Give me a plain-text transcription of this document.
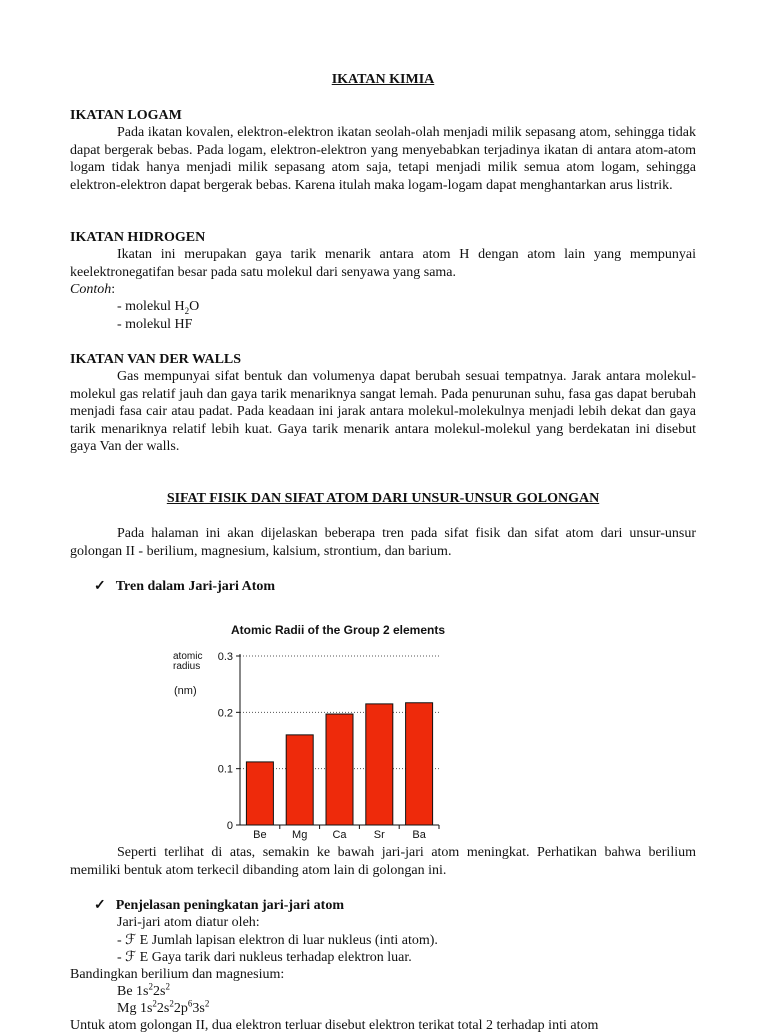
IKATAN KIMIA
IKATAN LOGAM
Pada ikatan kovalen, elektron-elektron ikatan seolah-olah menjadi milik sepasang atom, sehingga tidak dapat bergerak bebas. Pada logam, elektron-elektron yang menyebabkan terjadinya ikatan di antara atom-atom logam tidak hanya menjadi milik sepasang atom saja, tetapi menjadi milik semua atom logam, sehingga elektron-elektron dapat bergerak bebas. Karena itulah maka logam-logam dapat menghantarkan arus listrik.
IKATAN HIDROGEN
Ikatan ini merupakan gaya tarik menarik antara atom H dengan atom lain yang mempunyai keelektronegatifan besar pada satu molekul dari senyawa yang sama.
Contoh:
- molekul $H_2O$
- molekul HF
IKATAN VAN DER WALLS
Gas mempunyai sifat bentuk dan volumenya dapat berubah sesuai tempatnya. Jarak antara molekul-molekul gas relatif jauh dan gaya tarik menariknya sangat lemah. Pada penurunan suhu, fasa gas dapat berubah menjadi fasa cair atau padat. Pada keadaan ini jarak antara molekul-molekulnya menjadi lebih dekat dan gaya tarik menariknya relatif lebih kuat. Gaya tarik menarik antara molekul-molekul yang berdekatan ini disebut gaya Van der walls.
SIFAT FISIK DAN SIFAT ATOM DARI UNSUR-UNSUR GOLONGAN
Pada halaman ini akan dijelaskan beberapa tren pada sifat fisik dan sifat atom dari unsur-unsur golongan II - berilium, magnesium, kalsium, strontium, dan barium.
✓ Tren dalam Jari-jari Atom
Atomic Radii of the Group 2 elements
atomic
radius
(nm)
0
0.1
0.2
0.3
Be Mg Ca Sr	Ba
Seperti terlihat di atas, semakin ke bawah jari-jari atom meningkat. Perhatikan bahwa berilium memiliki bentuk atom terkecil dibanding atom lain di golongan ini.
✓ Penjelasan peningkatan jari-jari atom
Jari-jari atom diatur oleh:
- ℱ E Jumlah lapisan elektron di luar nukleus (inti atom).
- ℱ E Gaya tarik dari nukleus terhadap elektron luar.
Bandingkan berilium dan magnesium:
Be $1s^22s^2$
Mg $1s^22s^22p^63s^2$
Untuk atom golongan II, dua elektron terluar disebut elektron terikat total 2 terhadap inti atom
